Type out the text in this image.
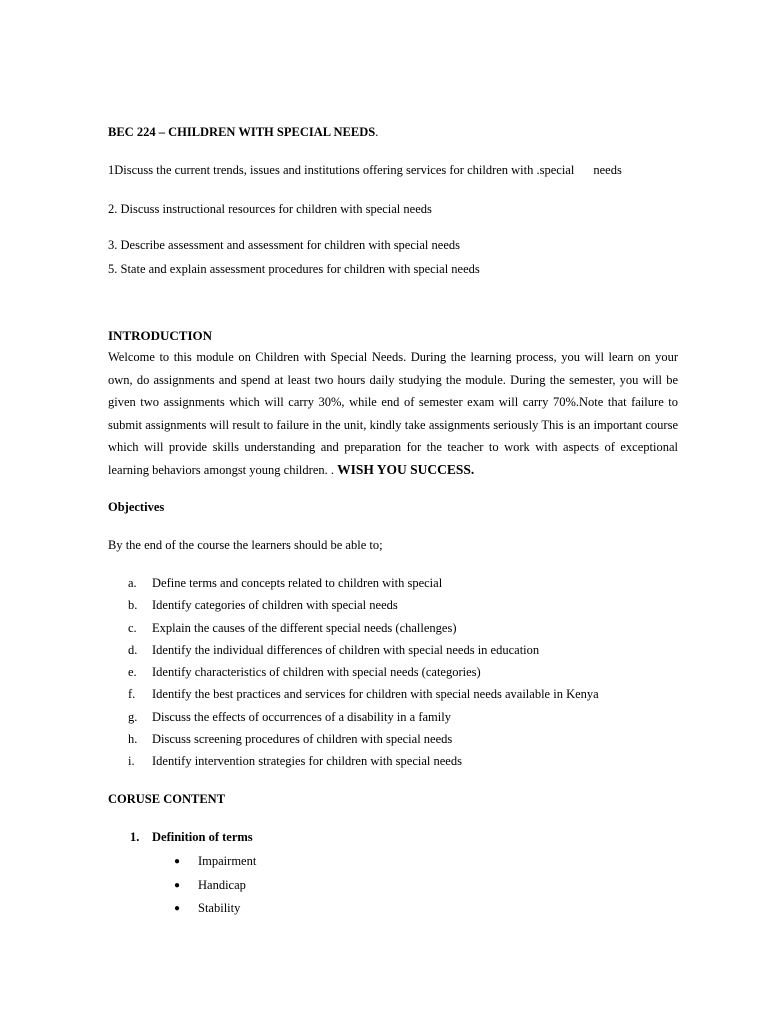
BEC 224 – CHILDREN WITH SPECIAL NEEDS.
1Discuss the current trends, issues and institutions offering services for children with .special needs
2. Discuss instructional resources for children with special needs
3. Describe assessment and assessment for children with special needs
5. State and explain assessment procedures for children with special needs
INTRODUCTION
Welcome to this module on Children with Special Needs. During the learning process, you will learn on your
own, do assignments and spend at least two hours daily studying the module. During the semester, you will be
given two assignments which will carry 30%, while end of semester exam will carry 70%.Note that failure to
submit assignments will result to failure in the unit, kindly take assignments seriously This is an important course
which will provide skills understanding and preparation for the teacher to work with aspects of exceptional
learning behaviors amongst young children. . WISH YOU SUCCESS.
Objectives
By the end of the course the learners should be able to;
a. Define terms and concepts related to children with special
b. Identify categories of children with special needs
c. Explain the causes of the different special needs (challenges)
d. Identify the individual differences of children with special needs in education
e. Identify characteristics of children with special needs (categories)
f. Identify the best practices and services for children with special needs available in Kenya
g. Discuss the effects of occurrences of a disability in a family
h. Discuss screening procedures of children with special needs
i. Identify intervention strategies for children with special needs
CORUSE CONTENT
1. Definition of terms
● Impairment
● Handicap
● Stability
